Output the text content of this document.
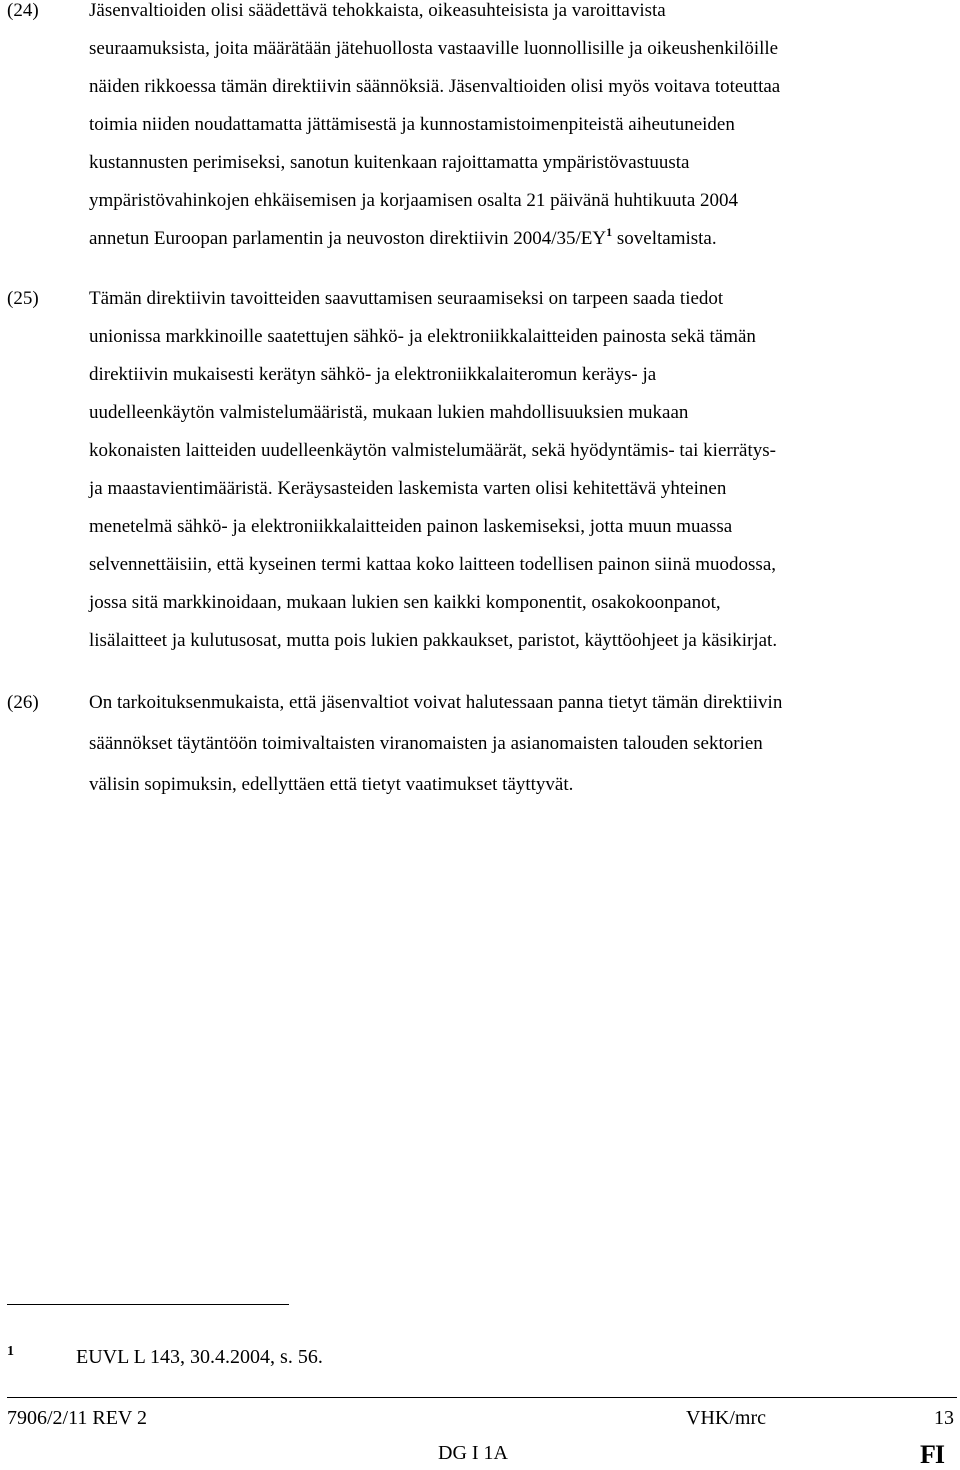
(24)	Jäsenvaltioiden olisi säädettävä tehokkaista, oikeasuhteisista ja varoittavista
seuraamuksista, joita määrätään jätehuollosta vastaaville luonnollisille ja oikeushenkilöille
näiden rikkoessa tämän direktiivin säännöksiä. Jäsenvaltioiden olisi myös voitava toteuttaa
toimia niiden noudattamatta jättämisestä ja kunnostamistoimenpiteistä aiheutuneiden
kustannusten perimiseksi, sanotun kuitenkaan rajoittamatta ympäristövastuusta
ympäristövahinkojen ehkäisemisen ja korjaamisen osalta 21 päivänä huhtikuuta 2004
annetun Euroopan parlamentin ja neuvoston direktiivin 2004/35/EY$^1$ soveltamista.
(25)	Tämän direktiivin tavoitteiden saavuttamisen seuraamiseksi on tarpeen saada tiedot
unionissa markkinoille saatettujen sähkö- ja elektroniikkalaitteiden painosta sekä tämän
direktiivin mukaisesti kerätyn sähkö- ja elektroniikkalaiteromun keräys- ja
uudelleenkäytön valmistelumääristä, mukaan lukien mahdollisuuksien mukaan
kokonaisten laitteiden uudelleenkäytön valmistelumäärät, sekä hyödyntämis- tai kierrätys-
ja maastavientimääristä. Keräysasteiden laskemista varten olisi kehitettävä yhteinen
menetelmä sähkö- ja elektroniikkalaitteiden painon laskemiseksi, jotta muun muassa
selvennettäisiin, että kyseinen termi kattaa koko laitteen todellisen painon siinä muodossa,
jossa sitä markkinoidaan, mukaan lukien sen kaikki komponentit, osakokoonpanot,
lisälaitteet ja kulutusosat, mutta pois lukien pakkaukset, paristot, käyttöohjeet ja käsikirjat.
(26)	On tarkoituksenmukaista, että jäsenvaltiot voivat halutessaan panna tietyt tämän direktiivin
säännökset täytäntöön toimivaltaisten viranomaisten ja asianomaisten talouden sektorien
välisin sopimuksin, edellyttäen että tietyt vaatimukset täyttyvät.
1	EUVL L 143, 30.4.2004, s. 56.
7906/2/11 REV 2	VHK/mrc	13
DG I 1A	FI
